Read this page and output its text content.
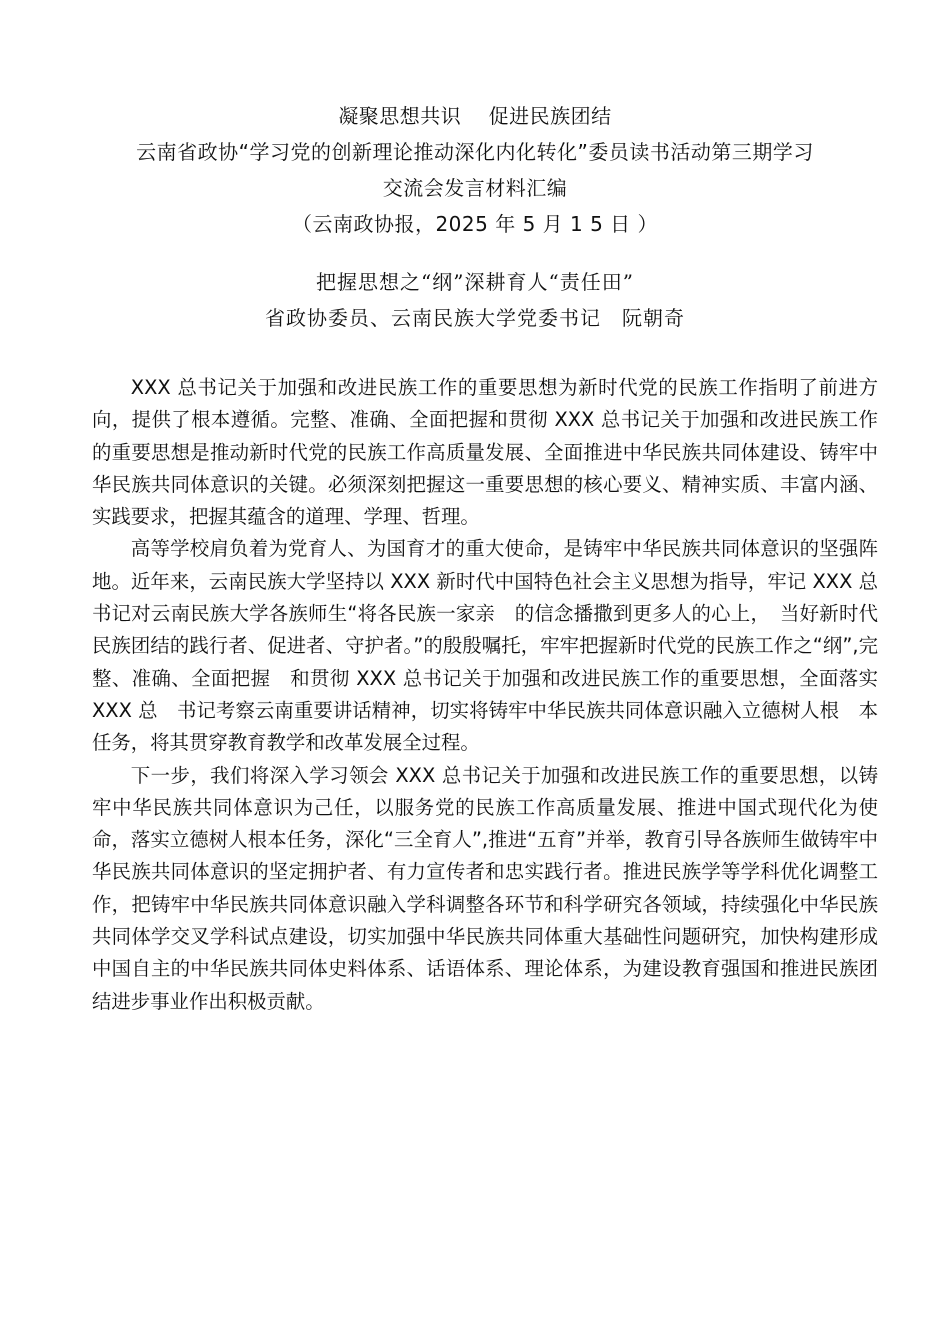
凝聚思想共识　 促进民族团结
云南省政协“学习党的创新理论推动深化内化转化”委员读书活动第三期学习
交流会发言材料汇编
（云南政协报，2025 年 5 月 1 5 日 ）
把握思想之“纲”深耕育人“责任田”
省政协委员、云南民族大学党委书记　阮朝奇

XXX 总书记关于加强和改进民族工作的重要思想为新时代党的民族工作指明了前进方向，提供了根本遵循。完整、准确、全面把握和贯彻 XXX 总书记关于加强和改进民族工作的重要思想是推动新时代党的民族工作高质量发展、全面推进中华民族共同体建设、铸牢中华民族共同体意识的关键。必须深刻把握这一重要思想的核心要义、精神实质、丰富内涵、实践要求，把握其蕴含的道理、学理、哲理。

高等学校肩负着为党育人、为国育才的重大使命，是铸牢中华民族共同体意识的坚强阵地。近年来，云南民族大学坚持以 XXX 新时代中国特色社会主义思想为指导，牢记 XXX 总书记对云南民族大学各族师生“将各民族一家亲　的信念播撒到更多人的心上，　当好新时代民族团结的践行者、促进者、守护者。”的殷殷嘱托，牢牢把握新时代党的民族工作之“纲”,完整、准确、全面把握　和贯彻 XXX 总书记关于加强和改进民族工作的重要思想，全面落实 XXX 总　书记考察云南重要讲话精神，切实将铸牢中华民族共同体意识融入立德树人根　本任务，将其贯穿教育教学和改革发展全过程。

下一步，我们将深入学习领会 XXX 总书记关于加强和改进民族工作的重要思想，以铸牢中华民族共同体意识为己任，以服务党的民族工作高质量发展、推进中国式现代化为使命，落实立德树人根本任务，深化“三全育人”,推进“五育”并举，教育引导各族师生做铸牢中华民族共同体意识的坚定拥护者、有力宣传者和忠实践行者。推进民族学等学科优化调整工作，把铸牢中华民族共同体意识融入学科调整各环节和科学研究各领域，持续强化中华民族共同体学交叉学科试点建设，切实加强中华民族共同体重大基础性问题研究，加快构建形成中国自主的中华民族共同体史料体系、话语体系、理论体系，为建设教育强国和推进民族团结进步事业作出积极贡献。
